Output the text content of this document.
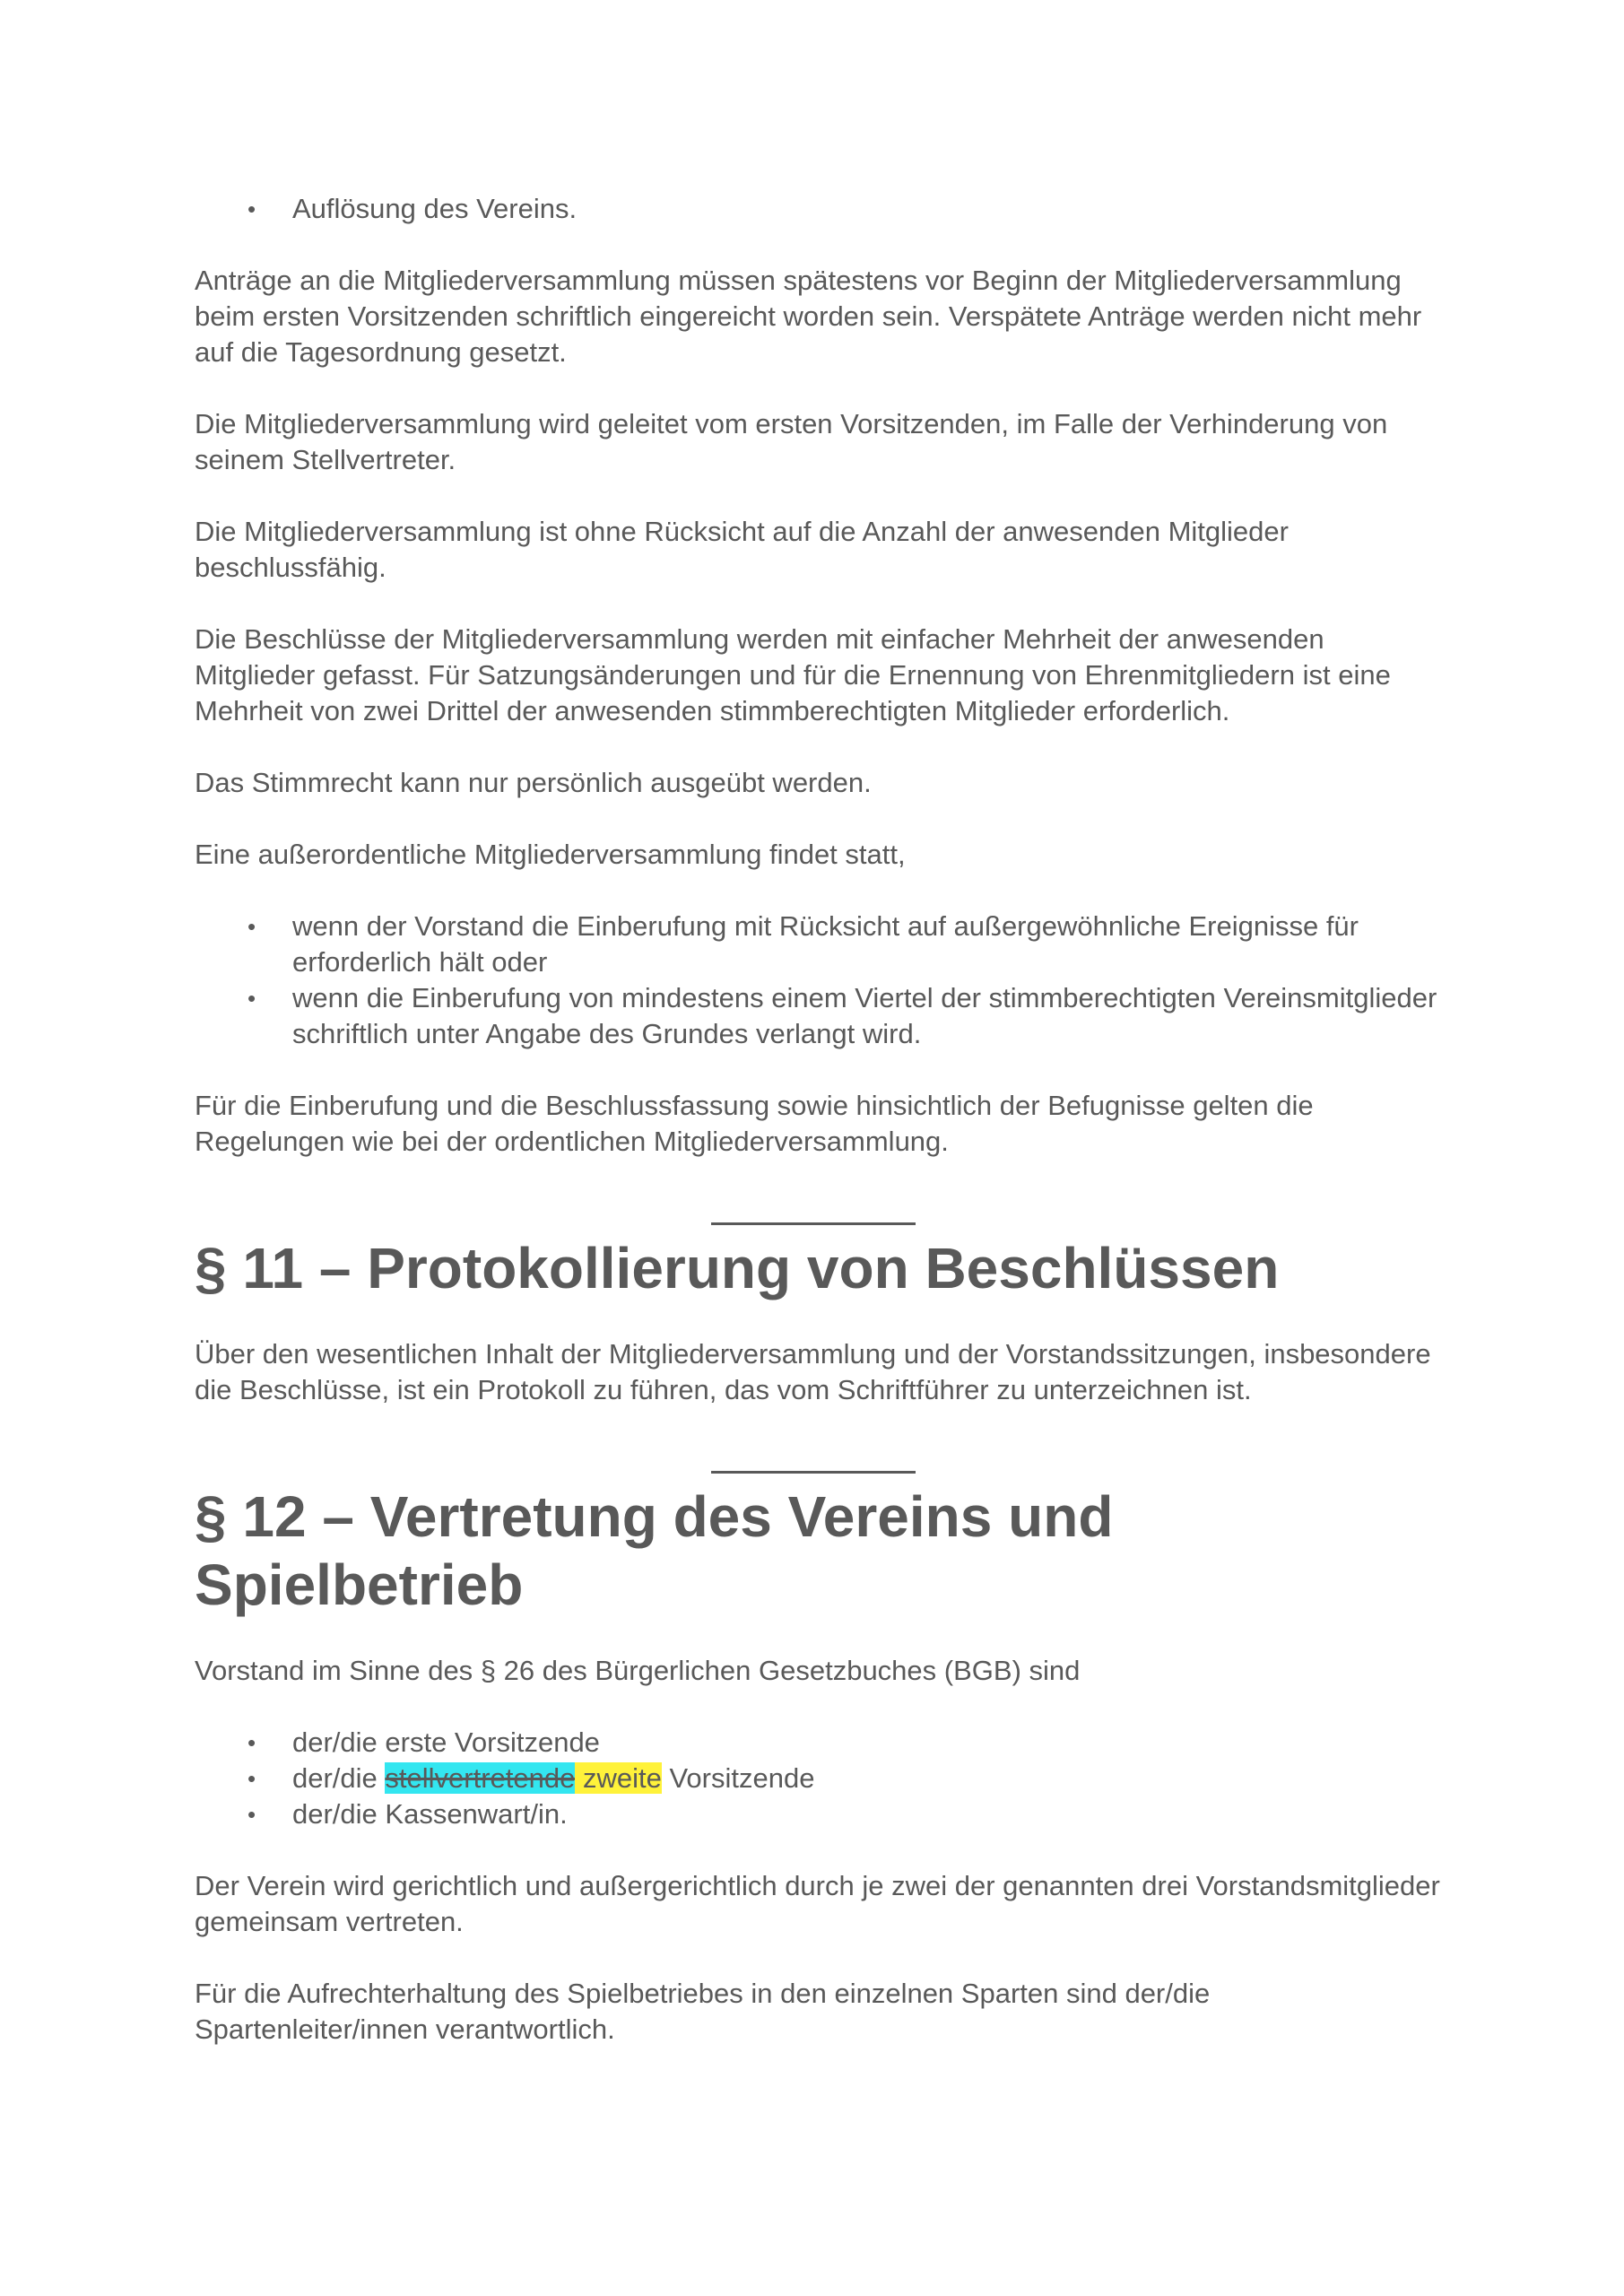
• Auflösung des Vereins.

Anträge an die Mitgliederversammlung müssen spätestens vor Beginn der Mitgliederversammlung beim ersten Vorsitzenden schriftlich eingereicht worden sein. Verspätete Anträge werden nicht mehr auf die Tagesordnung gesetzt.

Die Mitgliederversammlung wird geleitet vom ersten Vorsitzenden, im Falle der Verhinderung von seinem Stellvertreter.

Die Mitgliederversammlung ist ohne Rücksicht auf die Anzahl der anwesenden Mitglieder beschlussfähig.

Die Beschlüsse der Mitgliederversammlung werden mit einfacher Mehrheit der anwesenden Mitglieder gefasst. Für Satzungsänderungen und für die Ernennung von Ehrenmitgliedern ist eine Mehrheit von zwei Drittel der anwesenden stimmberechtigten Mitglieder erforderlich.

Das Stimmrecht kann nur persönlich ausgeübt werden.

Eine außerordentliche Mitgliederversammlung findet statt,

• wenn der Vorstand die Einberufung mit Rücksicht auf außergewöhnliche Ereignisse für erforderlich hält oder
• wenn die Einberufung von mindestens einem Viertel der stimmberechtigten Vereinsmitglieder schriftlich unter Angabe des Grundes verlangt wird.

Für die Einberufung und die Beschlussfassung sowie hinsichtlich der Befugnisse gelten die Regelungen wie bei der ordentlichen Mitgliederversammlung.

§ 11 – Protokollierung von Beschlüssen

Über den wesentlichen Inhalt der Mitgliederversammlung und der Vorstandssitzungen, insbesondere die Beschlüsse, ist ein Protokoll zu führen, das vom Schriftführer zu unterzeichnen ist.

§ 12 – Vertretung des Vereins und Spielbetrieb

Vorstand im Sinne des § 26 des Bürgerlichen Gesetzbuches (BGB) sind

• der/die erste Vorsitzende
• der/die stellvertretende zweite Vorsitzende
• der/die Kassenwart/in.

Der Verein wird gerichtlich und außergerichtlich durch je zwei der genannten drei Vorstandsmitglieder gemeinsam vertreten.

Für die Aufrechterhaltung des Spielbetriebes in den einzelnen Sparten sind der/die Spartenleiter/innen verantwortlich.
